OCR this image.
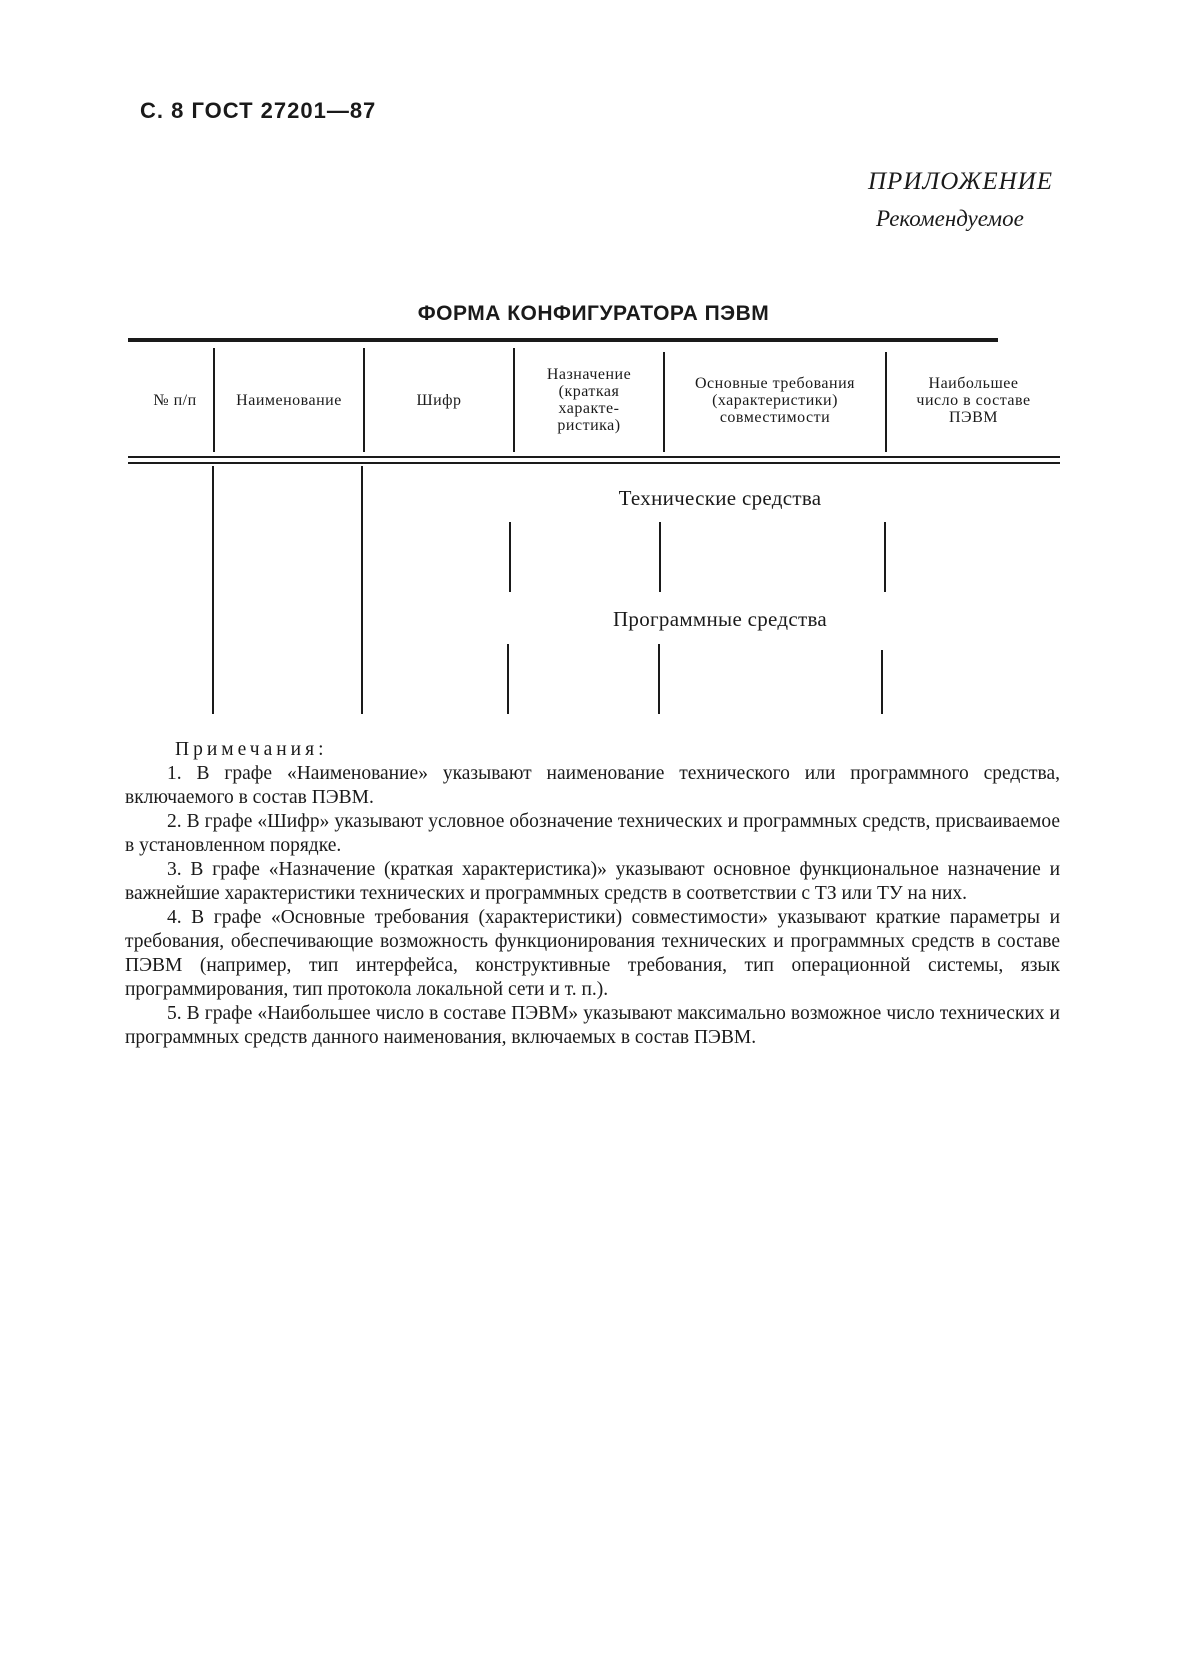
С. 8 ГОСТ 27201—87
ПРИЛОЖЕНИЕ
Рекомендуемое
ФОРМА КОНФИГУРАТОРА ПЭВМ
№ п/п	Наименование	Шифр
Назначение (краткая характе-ристика)
Основные требования (характеристики) совместимости
Наибольшее число в составе ПЭВМ
Технические средства
Программные средства
Примечания:

1. В графе «Наименование» указывают наименование технического или программного средства, включаемого в состав ПЭВМ.

2. В графе «Шифр» указывают условное обозначение технических и программных средств, присваиваемое в установленном порядке.

3. В графе «Назначение (краткая характеристика)» указывают основное функциональное назначение и важнейшие характеристики технических и программных средств в соответствии с ТЗ или ТУ на них.

4. В графе «Основные требования (характеристики) совместимости» указывают краткие параметры и требования, обеспечивающие возможность функционирования технических и программных средств в составе ПЭВМ (например, тип интерфейса, конструктивные требования, тип операционной системы, язык программирования, тип протокола локальной сети и т. п.).

5. В графе «Наибольшее число в составе ПЭВМ» указывают максимально возможное число технических и программных средств данного наименования, включаемых в состав ПЭВМ.
